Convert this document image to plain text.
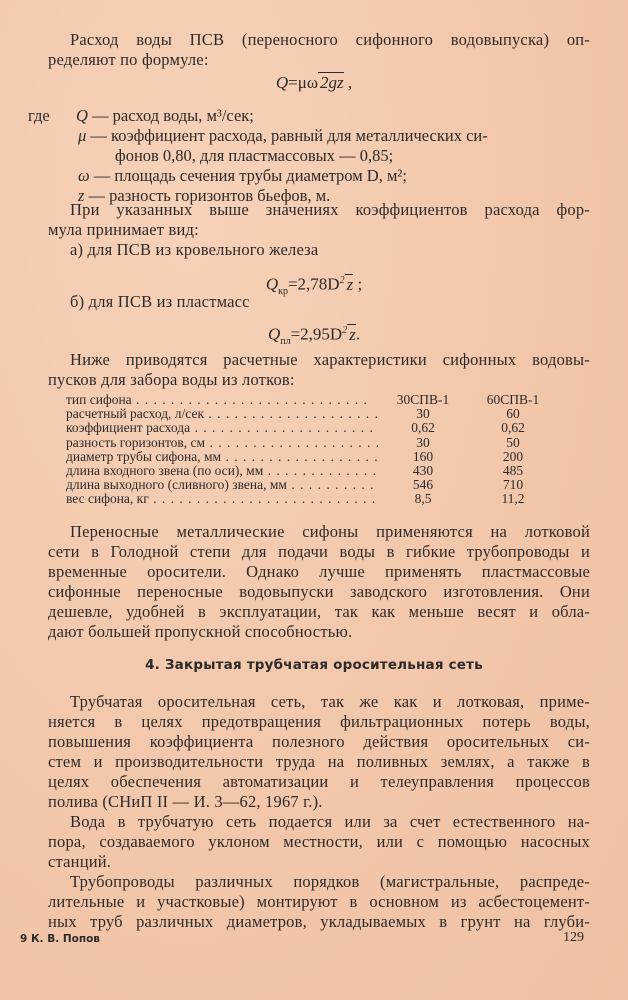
Расход воды ПСВ (переносного сифонного водовыпуска) оп-
ределяют по формуле:
Q=μω 2gz ,
где Q — расход воды, м³/сек;
μ — коэффициент расхода, равный для металлических си-
фонов 0,80, для пластмассовых — 0,85;
ω — площадь сечения трубы диаметром D, м²;
z — разность горизонтов бьефов, м.
При указанных выше значениях коэффициентов расхода фор-
мула принимает вид:
а) для ПСВ из кровельного железа
$Q_{кр}=2,78D^2$ z ;
б) для ПСВ из пластмасс
$Q_{пл}=2,95D^2$ z.
Ниже приводятся расчетные характеристики сифонных водовы-
пусков для забора воды из лотков:
тип сифона . . .	30СПВ-1	60СПВ-1
расчетный расход, л/сек . . .	30	60
коэффициент расхода . . .	0,62	0,62
разность горизонтов, см . . .	30	50
диаметр трубы сифона, мм . . .	160	200
длина входного звена (по оси), мм . . .	430	485
длина выходного (сливного) звена, мм . . .	546	710
вес сифона, кг . . .	8,5	11,2
Переносные металлические сифоны применяются на лотковой
сети в Голодной степи для подачи воды в гибкие трубопроводы и
временные оросители. Однако лучше применять пластмассовые
сифонные переносные водовыпуски заводского изготовления. Они
дешевле, удобней в эксплуатации, так как меньше весят и обла-
дают большей пропускной способностью.
4. Закрытая трубчатая оросительная сеть
Трубчатая оросительная сеть, так же как и лотковая, приме-
няется в целях предотвращения фильтрационных потерь воды,
повышения коэффициента полезного действия оросительных си-
стем и производительности труда на поливных землях, а также в
целях обеспечения автоматизации и телеуправления процессов
полива (СНиП II — И. 3—62, 1967 г.).
Вода в трубчатую сеть подается или за счет естественного на-
пора, создаваемого уклоном местности, или с помощью насосных
станций.
Трубопроводы различных порядков (магистральные, распреде-
лительные и участковые) монтируют в основном из асбестоцемент-
ных труб различных диаметров, укладываемых в грунт на глуби-
9 К. В. Попов	129
